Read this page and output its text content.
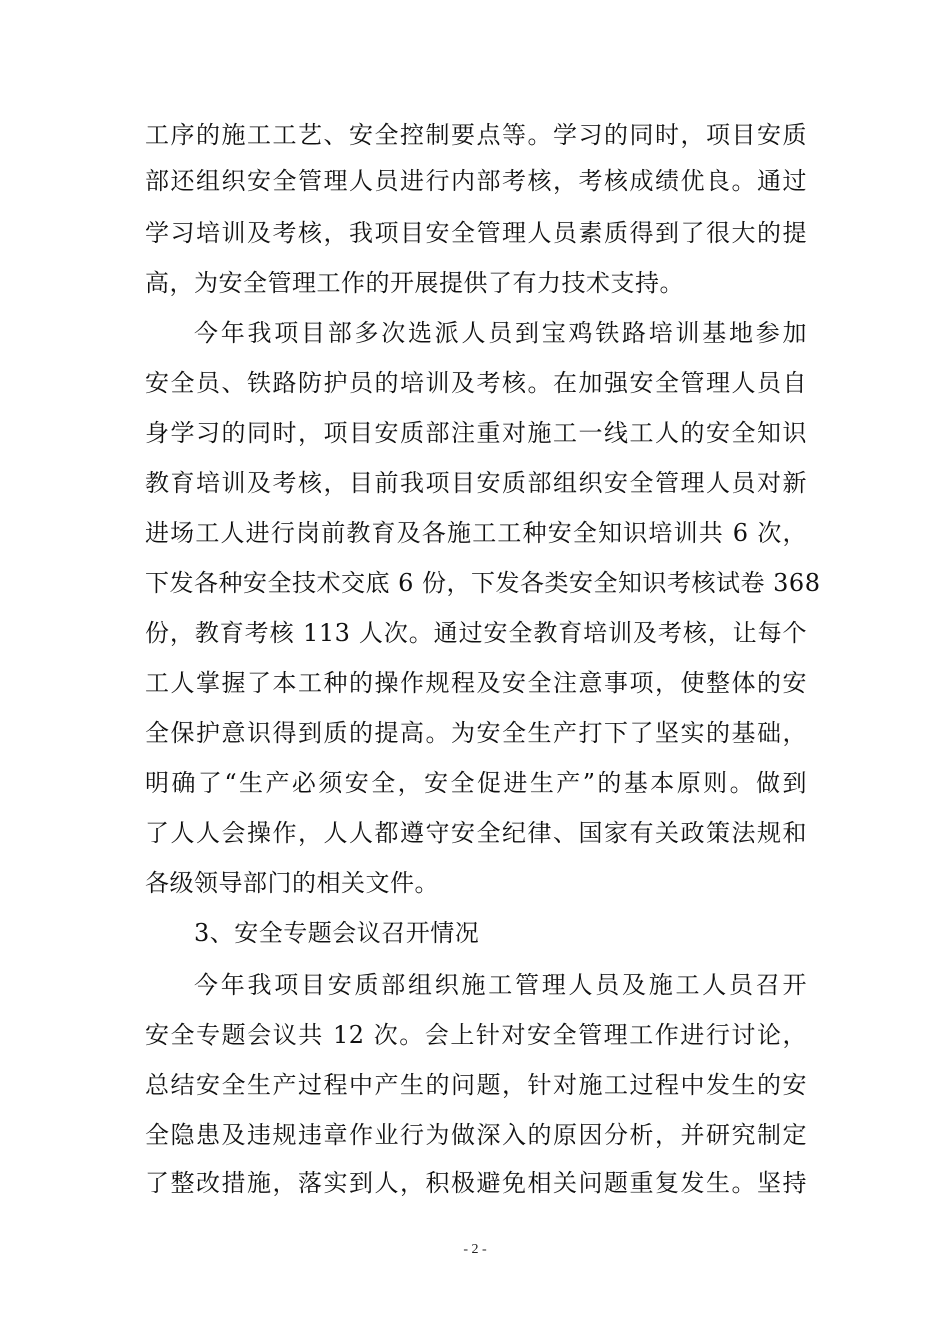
工序的施工工艺、安全控制要点等。学习的同时，项目安质
部还组织安全管理人员进行内部考核，考核成绩优良。通过
学习培训及考核，我项目安全管理人员素质得到了很大的提
高，为安全管理工作的开展提供了有力技术支持。
今年我项目部多次选派人员到宝鸡铁路培训基地参加
安全员、铁路防护员的培训及考核。在加强安全管理人员自
身学习的同时，项目安质部注重对施工一线工人的安全知识
教育培训及考核，目前我项目安质部组织安全管理人员对新
进场工人进行岗前教育及各施工工种安全知识培训共 6 次，
下发各种安全技术交底 6 份，下发各类安全知识考核试卷 368
份，教育考核 113 人次。通过安全教育培训及考核，让每个
工人掌握了本工种的操作规程及安全注意事项，使整体的安
全保护意识得到质的提高。为安全生产打下了坚实的基础，
明确了“生产必须安全，安全促进生产”的基本原则。做到
了人人会操作，人人都遵守安全纪律、国家有关政策法规和
各级领导部门的相关文件。
3、安全专题会议召开情况
今年我项目安质部组织施工管理人员及施工人员召开
安全专题会议共 12 次。会上针对安全管理工作进行讨论，
总结安全生产过程中产生的问题，针对施工过程中发生的安
全隐患及违规违章作业行为做深入的原因分析，并研究制定
了整改措施，落实到人，积极避免相关问题重复发生。坚持
- 2 -
